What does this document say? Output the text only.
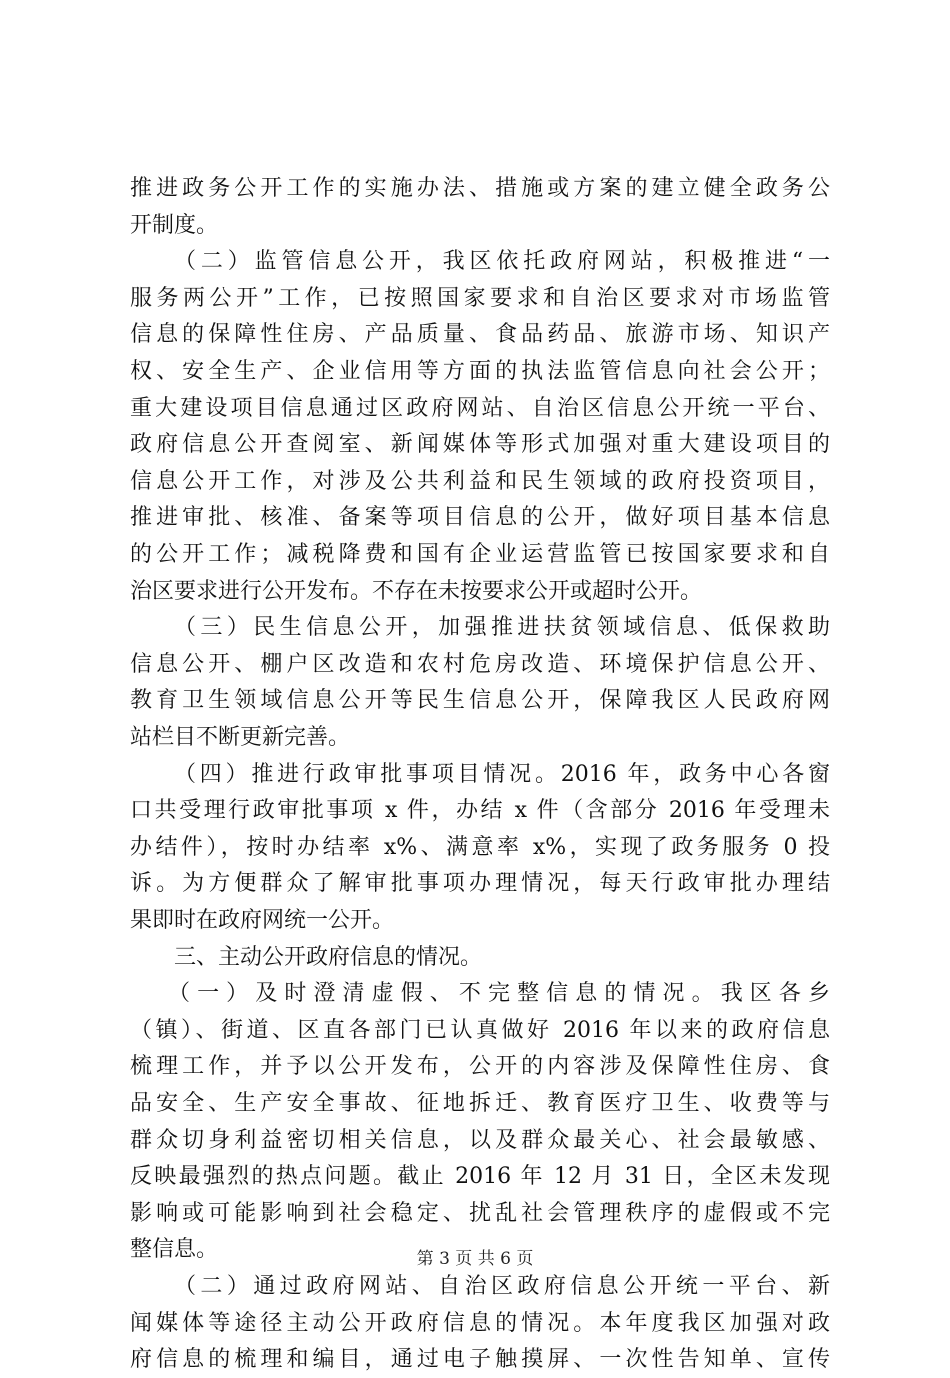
推进政务公开工作的实施办法、措施或方案的建立健全政务公
开制度。
（二）监管信息公开，我区依托政府网站，积极推进“一
服务两公开”工作，已按照国家要求和自治区要求对市场监管
信息的保障性住房、产品质量、食品药品、旅游市场、知识产
权、安全生产、企业信用等方面的执法监管信息向社会公开；
重大建设项目信息通过区政府网站、自治区信息公开统一平台、
政府信息公开查阅室、新闻媒体等形式加强对重大建设项目的
信息公开工作，对涉及公共利益和民生领域的政府投资项目，
推进审批、核准、备案等项目信息的公开，做好项目基本信息
的公开工作；减税降费和国有企业运营监管已按国家要求和自
治区要求进行公开发布。不存在未按要求公开或超时公开。
（三）民生信息公开，加强推进扶贫领域信息、低保救助
信息公开、棚户区改造和农村危房改造、环境保护信息公开、
教育卫生领域信息公开等民生信息公开，保障我区人民政府网
站栏目不断更新完善。
（四）推进行政审批事项目情况。2016 年，政务中心各窗
口共受理行政审批事项 x 件，办结 x 件（含部分 2016 年受理未
办结件），按时办结率 x%、满意率 x%，实现了政务服务 0 投
诉。为方便群众了解审批事项办理情况，每天行政审批办理结
果即时在政府网统一公开。
三、主动公开政府信息的情况。
（一）及时澄清虚假、不完整信息的情况。我区各乡
（镇）、街道、区直各部门已认真做好 2016 年以来的政府信息
梳理工作，并予以公开发布，公开的内容涉及保障性住房、食
品安全、生产安全事故、征地拆迁、教育医疗卫生、收费等与
群众切身利益密切相关信息，以及群众最关心、社会最敏感、
反映最强烈的热点问题。截止 2016 年 12 月 31 日，全区未发现
影响或可能影响到社会稳定、扰乱社会管理秩序的虚假或不完
整信息。
（二）通过政府网站、自治区政府信息公开统一平台、新
闻媒体等途径主动公开政府信息的情况。本年度我区加强对政
府信息的梳理和编目，通过电子触摸屏、一次性告知单、宣传
第 3 页 共 6 页
